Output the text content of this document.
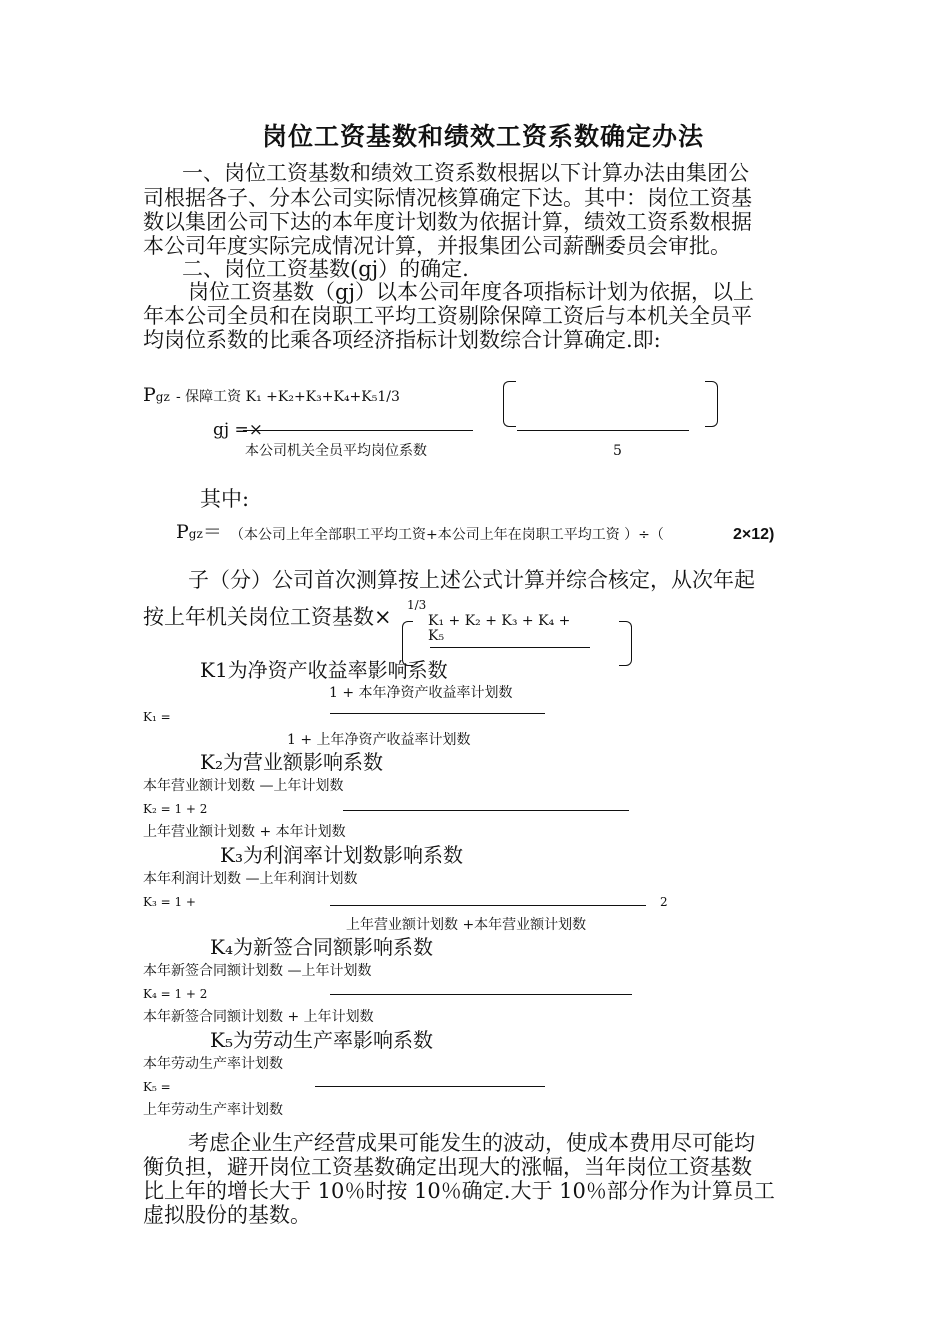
岗位工资基数和绩效工资系数确定办法
一、岗位工资基数和绩效工资系数根据以下计算办法由集团公
司根据各子、分本公司实际情况核算确定下达。其中：岗位工资基
数以集团公司下达的本年度计划数为依据计算，绩效工资系数根据
本公司年度实际完成情况计算，并报集团公司薪酬委员会审批。
二、岗位工资基数(gj）的确定.
岗位工资基数（gj）以本公司年度各项指标计划为依据，以上
年本公司全员和在岗职工平均工资剔除保障工资后与本机关全员平
均岗位系数的比乘各项经济指标计划数综合计算确定.即:
Pgz - 保障工资 K₁ +K₂+K₃+K₄+K₅1/3
gj =×
本公司机关全员平均岗位系数	5
其中:
Pgz＝ （本公司上年全部职工平均工资+本公司上年在岗职工平均工资 ）÷（	2×12)
子（分）公司首次测算按上述公式计算并综合核定，从次年起
1/3
按上年机关岗位工资基数×	K₁ + K₂ + K₃ + K₄ +
K₅
K1为净资产收益率影响系数
1 + 本年净资产收益率计划数
K₁ =
1 + 上年净资产收益率计划数
K₂为营业额影响系数
本年营业额计划数 —上年计划数
K₂ = 1 + 2
上年营业额计划数 + 本年计划数
K₃为利润率计划数影响系数
本年利润计划数 —上年利润计划数
K₃ = 1 +	2
上年营业额计划数 +本年营业额计划数
K₄为新签合同额影响系数
本年新签合同额计划数 —上年计划数
K₄ = 1 + 2
本年新签合同额计划数 + 上年计划数
K₅为劳动生产率影响系数
本年劳动生产率计划数
K₅ =
上年劳动生产率计划数
考虑企业生产经营成果可能发生的波动，使成本费用尽可能均
衡负担，避开岗位工资基数确定出现大的涨幅，当年岗位工资基数
比上年的增长大于 10％时按 10％确定.大于 10％部分作为计算员工
虚拟股份的基数。
